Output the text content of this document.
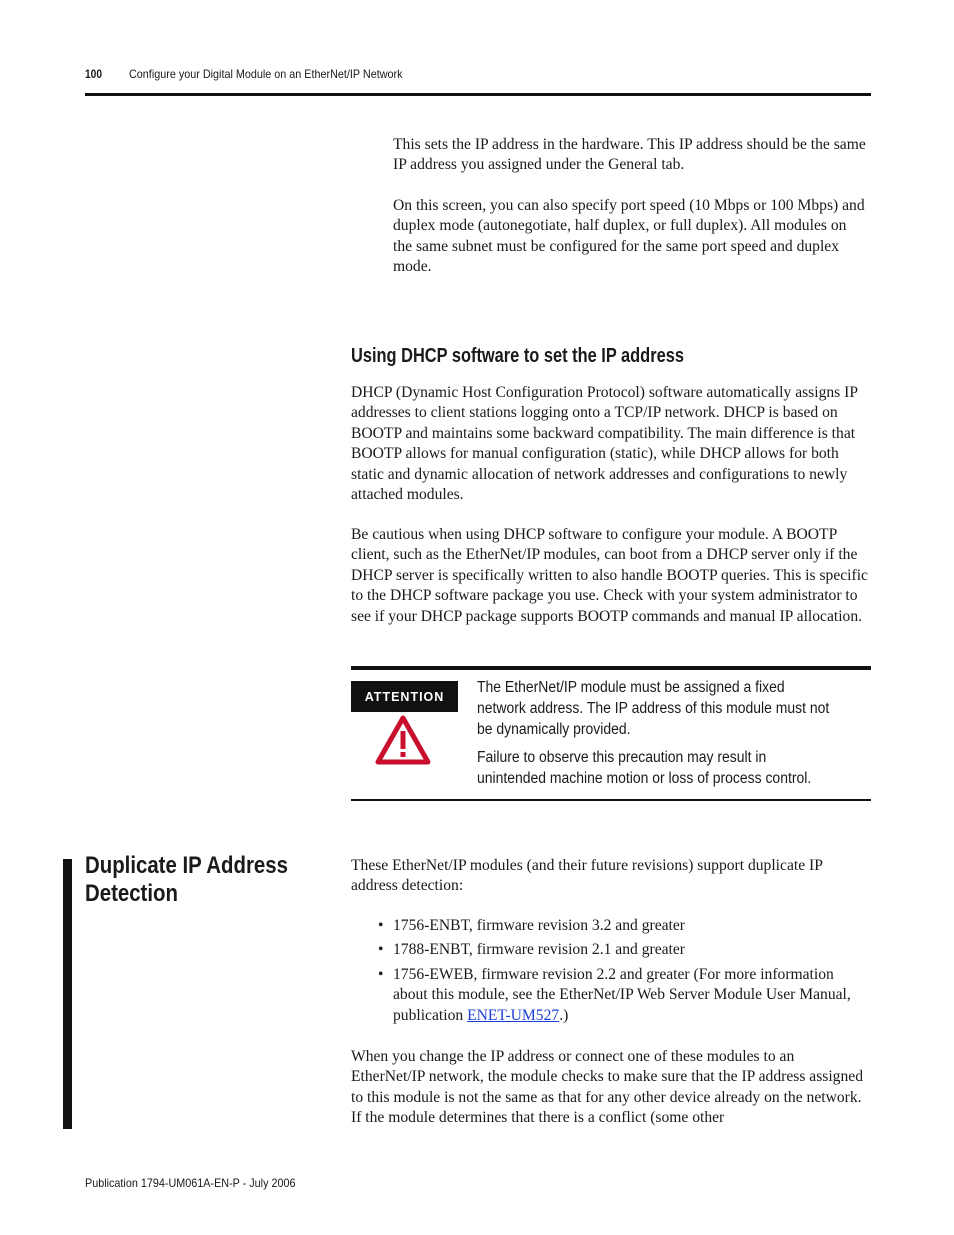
100 Configure your Digital Module on an EtherNet/IP Network

This sets the IP address in the hardware. This IP address should be the same IP address you assigned under the General tab.

On this screen, you can also specify port speed (10 Mbps or 100 Mbps) and duplex mode (autonegotiate, half duplex, or full duplex). All modules on the same subnet must be configured for the same port speed and duplex mode.

Using DHCP software to set the IP address

DHCP (Dynamic Host Configuration Protocol) software automatically assigns IP addresses to client stations logging onto a TCP/IP network. DHCP is based on BOOTP and maintains some backward compatibility. The main difference is that BOOTP allows for manual configuration (static), while DHCP allows for both static and dynamic allocation of network addresses and configurations to newly attached modules.

Be cautious when using DHCP software to configure your module. A BOOTP client, such as the EtherNet/IP modules, can boot from a DHCP server only if the DHCP server is specifically written to also handle BOOTP queries. This is specific to the DHCP software package you use. Check with your system administrator to see if your DHCP package supports BOOTP commands and manual IP allocation.

ATTENTION

The EtherNet/IP module must be assigned a fixed network address. The IP address of this module must not be dynamically provided.

Failure to observe this precaution may result in unintended machine motion or loss of process control.

Duplicate IP Address Detection

These EtherNet/IP modules (and their future revisions) support duplicate IP address detection:

• 1756-ENBT, firmware revision 3.2 and greater
• 1788-ENBT, firmware revision 2.1 and greater
• 1756-EWEB, firmware revision 2.2 and greater (For more information about this module, see the EtherNet/IP Web Server Module User Manual, publication ENET-UM527.)

When you change the IP address or connect one of these modules to an EtherNet/IP network, the module checks to make sure that the IP address assigned to this module is not the same as that for any other device already on the network. If the module determines that there is a conflict (some other

Publication 1794-UM061A-EN-P - July 2006
